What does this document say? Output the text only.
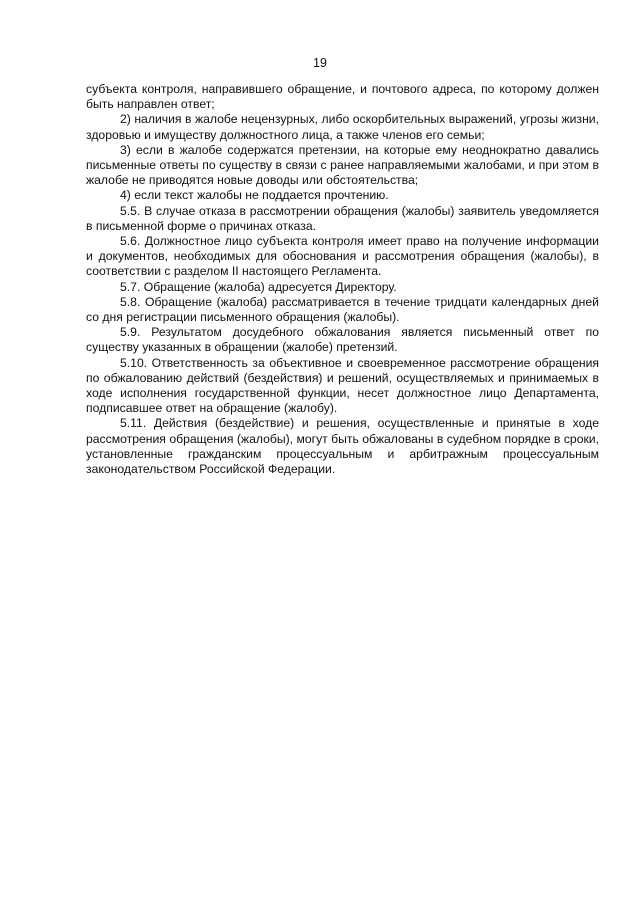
19

субъекта контроля, направившего обращение, и почтового адреса, по которому должен быть направлен ответ;

2) наличия в жалобе нецензурных, либо оскорбительных выражений, угрозы жизни, здоровью и имуществу должностного лица, а также членов его семьи;

3) если в жалобе содержатся претензии, на которые ему неоднократно давались письменные ответы по существу в связи с ранее направляемыми жалобами, и при этом в жалобе не приводятся новые доводы или обстоятельства;

4) если текст жалобы не поддается прочтению.

5.5. В случае отказа в рассмотрении обращения (жалобы) заявитель уведомляется в письменной форме о причинах отказа.

5.6. Должностное лицо субъекта контроля имеет право на получение информации и документов, необходимых для обоснования и рассмотрения обращения (жалобы), в соответствии с разделом II настоящего Регламента.

5.7. Обращение (жалоба) адресуется Директору.

5.8. Обращение (жалоба) рассматривается в течение тридцати календарных дней со дня регистрации письменного обращения (жалобы).

5.9. Результатом досудебного обжалования является письменный ответ по существу указанных в обращении (жалобе) претензий.

5.10. Ответственность за объективное и своевременное рассмотрение обращения по обжалованию действий (бездействия) и решений, осуществляемых и принимаемых в ходе исполнения государственной функции, несет должностное лицо Департамента, подписавшее ответ на обращение (жалобу).

5.11. Действия (бездействие) и решения, осуществленные и принятые в ходе рассмотрения обращения (жалобы), могут быть обжалованы в судебном порядке в сроки, установленные гражданским процессуальным и арбитражным процессуальным законодательством Российской Федерации.
